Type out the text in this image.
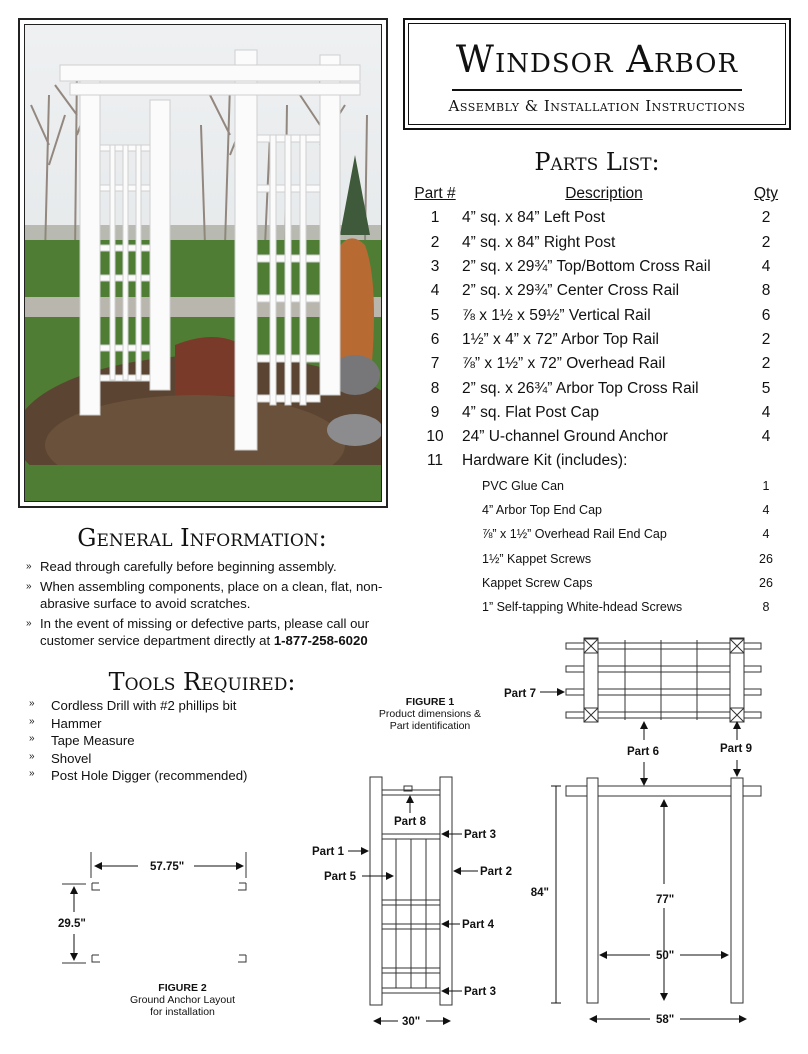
Windsor Arbor
Assembly & Installation Instructions
Parts List:
Part #	Description	Qty
1	4” sq. x 84” Left Post	2
2	4” sq. x 84” Right Post	2
3	2” sq. x 29¾” Top/Bottom Cross Rail	4
4	2” sq. x 29¾” Center Cross Rail	8
5	⅞ x 1½ x 59½” Vertical Rail	6
6	1½” x 4” x 72” Arbor Top Rail	2
7	⅞” x 1½” x 72” Overhead Rail	2
8	2” sq. x 26¾” Arbor Top Cross Rail	5
9	4” sq. Flat Post Cap	4
10	24” U-channel Ground Anchor	4
11	Hardware Kit (includes):	
	PVC Glue Can	1
	4” Arbor Top End Cap	4
	⅞” x 1½” Overhead Rail End Cap	4
	1½” Kappet Screws	26
	Kappet Screw Caps	26
	1” Self-tapping White-hdead Screws	8
General Information:
» Read through carefully before beginning assembly.
» When assembling components, place on a clean, flat, non-abrasive surface to avoid scratches.
» In the event of missing or defective parts, please call our customer service department directly at 1-877-258-6020
Tools Required:
» Cordless Drill with #2 phillips bit
» Hammer
» Tape Measure
» Shovel
» Post Hole Digger (recommended)
FIGURE 1
Product dimensions &
Part identification
FIGURE 2
Ground Anchor Layout
for installation
Part 7
Part 6	Part 9
84"
77"
50"
58"
Part 8
Part 1
Part 5
Part 3
Part 2
Part 4
Part 3
30"
57.75"
29.5"
